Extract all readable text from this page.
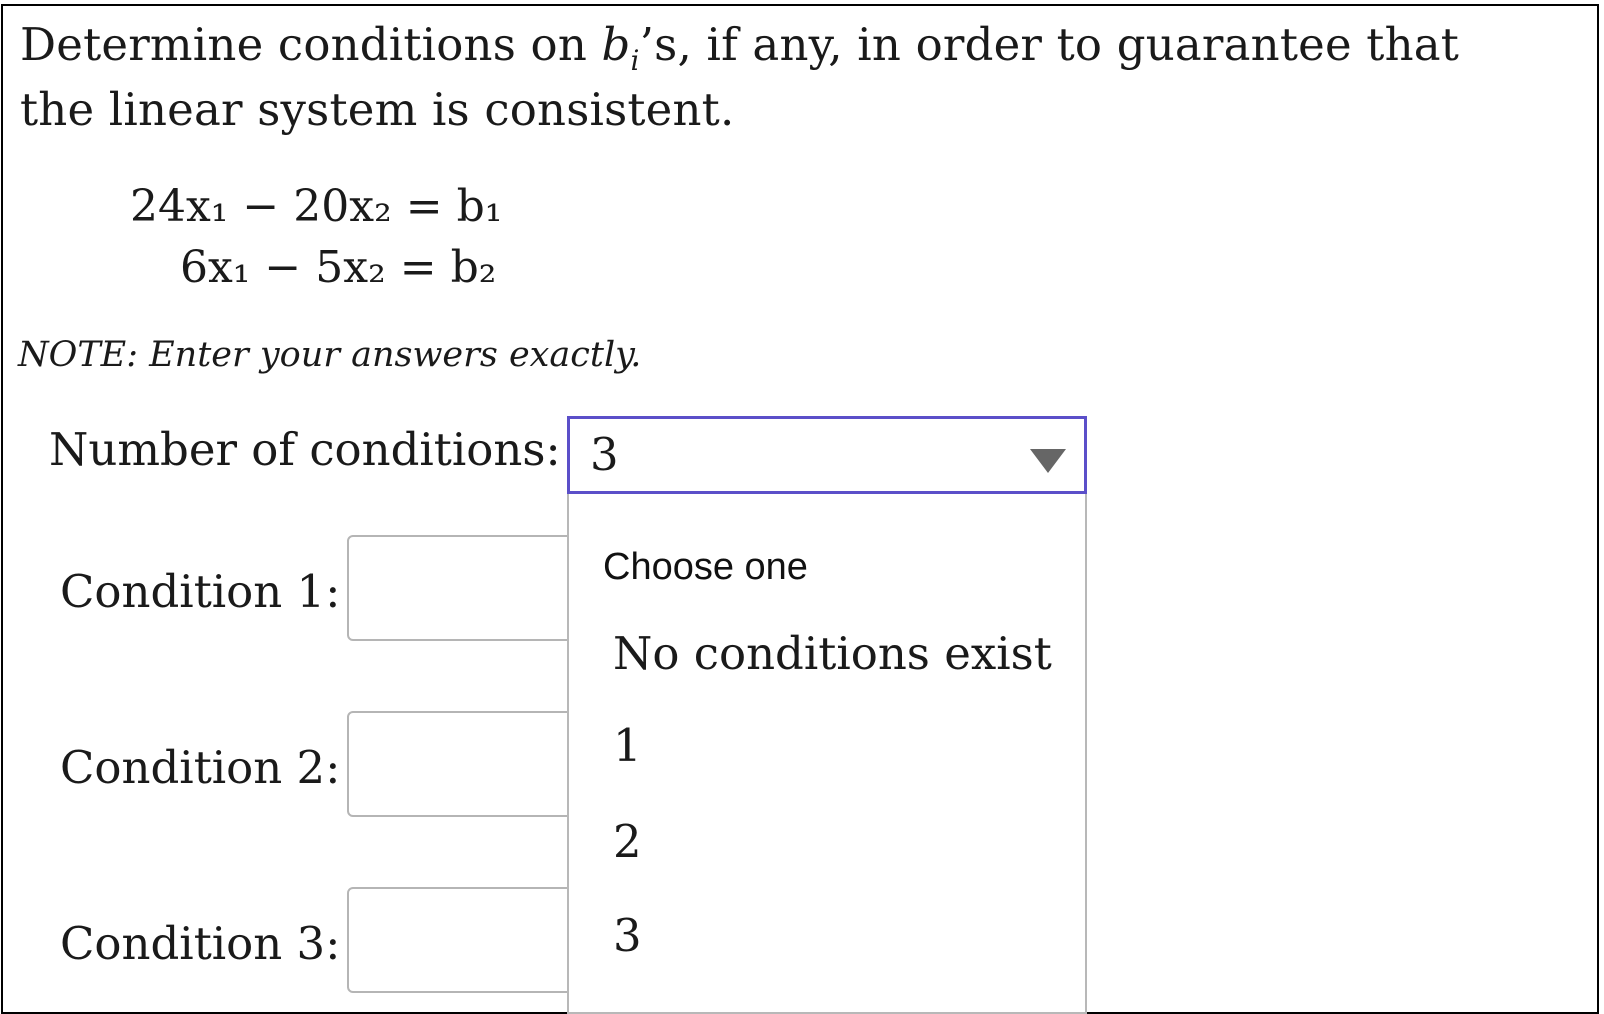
Determine conditions on $b_i’s$, if any, in order to guarantee that
the linear system is consistent.
24x₁ − 20x₂ = b₁
6x₁ − 5x₂ = b₂
NOTE: Enter your answers exactly.
Number of conditions: 3
Condition 1:
Condition 2:
Condition 3:
Choose one
No conditions exist
1
2
3
